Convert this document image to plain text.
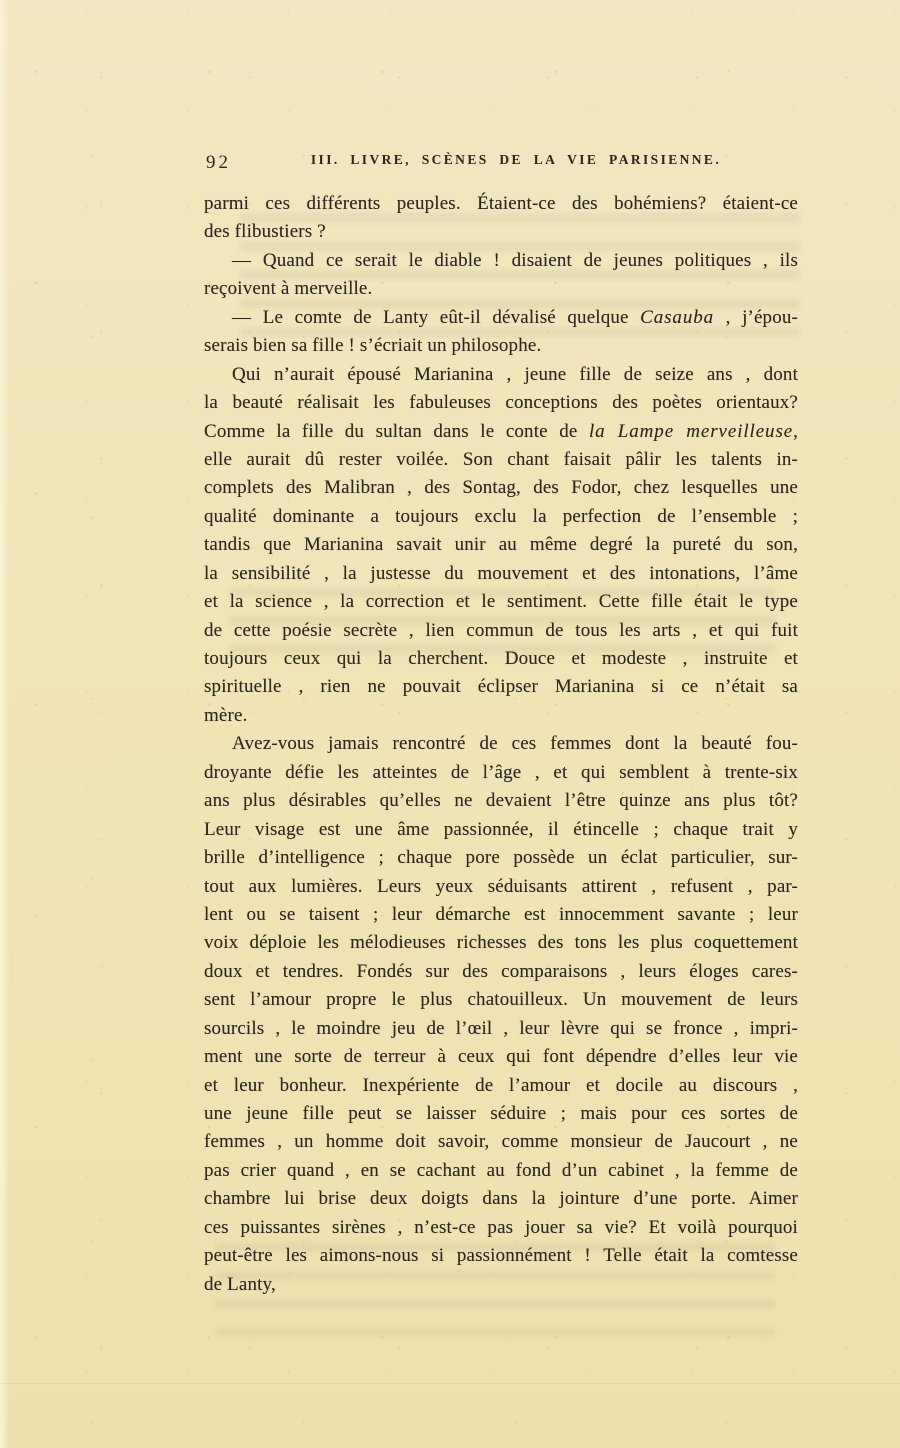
92	III. LIVRE, SCÈNES DE LA VIE PARISIENNE.
parmi ces différents peuples. Étaient-ce des bohémiens? étaient-ce
des flibustiers ?
— Quand ce serait le diable ! disaient de jeunes politiques , ils
reçoivent à merveille.
— Le comte de Lanty eût-il dévalisé quelque Casauba , j’épou-
serais bien sa fille ! s’écriait un philosophe.
Qui n’aurait épousé Marianina , jeune fille de seize ans , dont
la beauté réalisait les fabuleuses conceptions des poètes orientaux?
Comme la fille du sultan dans le conte de la Lampe merveilleuse,
elle aurait dû rester voilée. Son chant faisait pâlir les talents in-
complets des Malibran , des Sontag, des Fodor, chez lesquelles une
qualité dominante a toujours exclu la perfection de l’ensemble ;
tandis que Marianina savait unir au même degré la pureté du son,
la sensibilité , la justesse du mouvement et des intonations, l’âme
et la science , la correction et le sentiment. Cette fille était le type
de cette poésie secrète , lien commun de tous les arts , et qui fuit
toujours ceux qui la cherchent. Douce et modeste , instruite et
spirituelle , rien ne pouvait éclipser Marianina si ce n’était sa
mère.
Avez-vous jamais rencontré de ces femmes dont la beauté fou-
droyante défie les atteintes de l’âge , et qui semblent à trente-six
ans plus désirables qu’elles ne devaient l’être quinze ans plus tôt?
Leur visage est une âme passionnée, il étincelle ; chaque trait y
brille d’intelligence ; chaque pore possède un éclat particulier, sur-
tout aux lumières. Leurs yeux séduisants attirent , refusent , par-
lent ou se taisent ; leur démarche est innocemment savante ; leur
voix déploie les mélodieuses richesses des tons les plus coquettement
doux et tendres. Fondés sur des comparaisons , leurs éloges cares-
sent l’amour propre le plus chatouilleux. Un mouvement de leurs
sourcils , le moindre jeu de l’œil , leur lèvre qui se fronce , impri-
ment une sorte de terreur à ceux qui font dépendre d’elles leur vie
et leur bonheur. Inexpériente de l’amour et docile au discours ,
une jeune fille peut se laisser séduire ; mais pour ces sortes de
femmes , un homme doit savoir, comme monsieur de Jaucourt , ne
pas crier quand , en se cachant au fond d’un cabinet , la femme de
chambre lui brise deux doigts dans la jointure d’une porte. Aimer
ces puissantes sirènes , n’est-ce pas jouer sa vie? Et voilà pourquoi
peut-être les aimons-nous si passionnément ! Telle était la comtesse
de Lanty,
